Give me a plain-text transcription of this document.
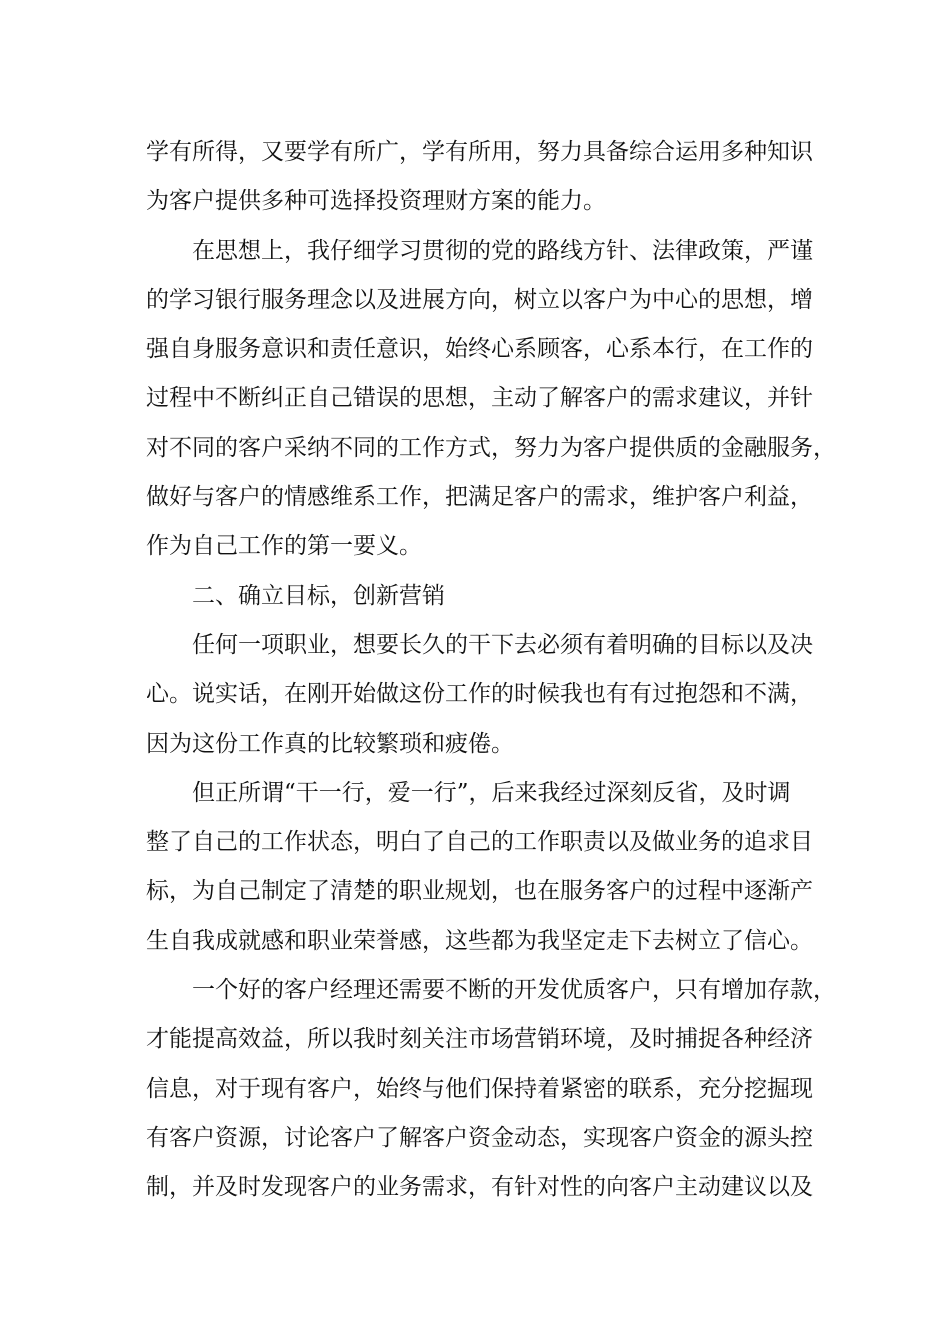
学有所得，又要学有所广，学有所用，努力具备综合运用多种知识
为客户提供多种可选择投资理财方案的能力。
在思想上，我仔细学习贯彻的党的路线方针、法律政策，严谨
的学习银行服务理念以及进展方向，树立以客户为中心的思想，增
强自身服务意识和责任意识，始终心系顾客，心系本行，在工作的
过程中不断纠正自己错误的思想，主动了解客户的需求建议，并针
对不同的客户采纳不同的工作方式，努力为客户提供质的金融服务，
做好与客户的情感维系工作，把满足客户的需求，维护客户利益，
作为自己工作的第一要义。
二、确立目标，创新营销
任何一项职业，想要长久的干下去必须有着明确的目标以及决
心。说实话，在刚开始做这份工作的时候我也有有过抱怨和不满，
因为这份工作真的比较繁琐和疲倦。
但正所谓“干一行，爱一行”，后来我经过深刻反省，及时调
整了自己的工作状态，明白了自己的工作职责以及做业务的追求目
标，为自己制定了清楚的职业规划，也在服务客户的过程中逐渐产
生自我成就感和职业荣誉感，这些都为我坚定走下去树立了信心。
一个好的客户经理还需要不断的开发优质客户，只有增加存款，
才能提高效益，所以我时刻关注市场营销环境，及时捕捉各种经济
信息，对于现有客户，始终与他们保持着紧密的联系，充分挖掘现
有客户资源，讨论客户了解客户资金动态，实现客户资金的源头控
制，并及时发现客户的业务需求，有针对性的向客户主动建议以及
